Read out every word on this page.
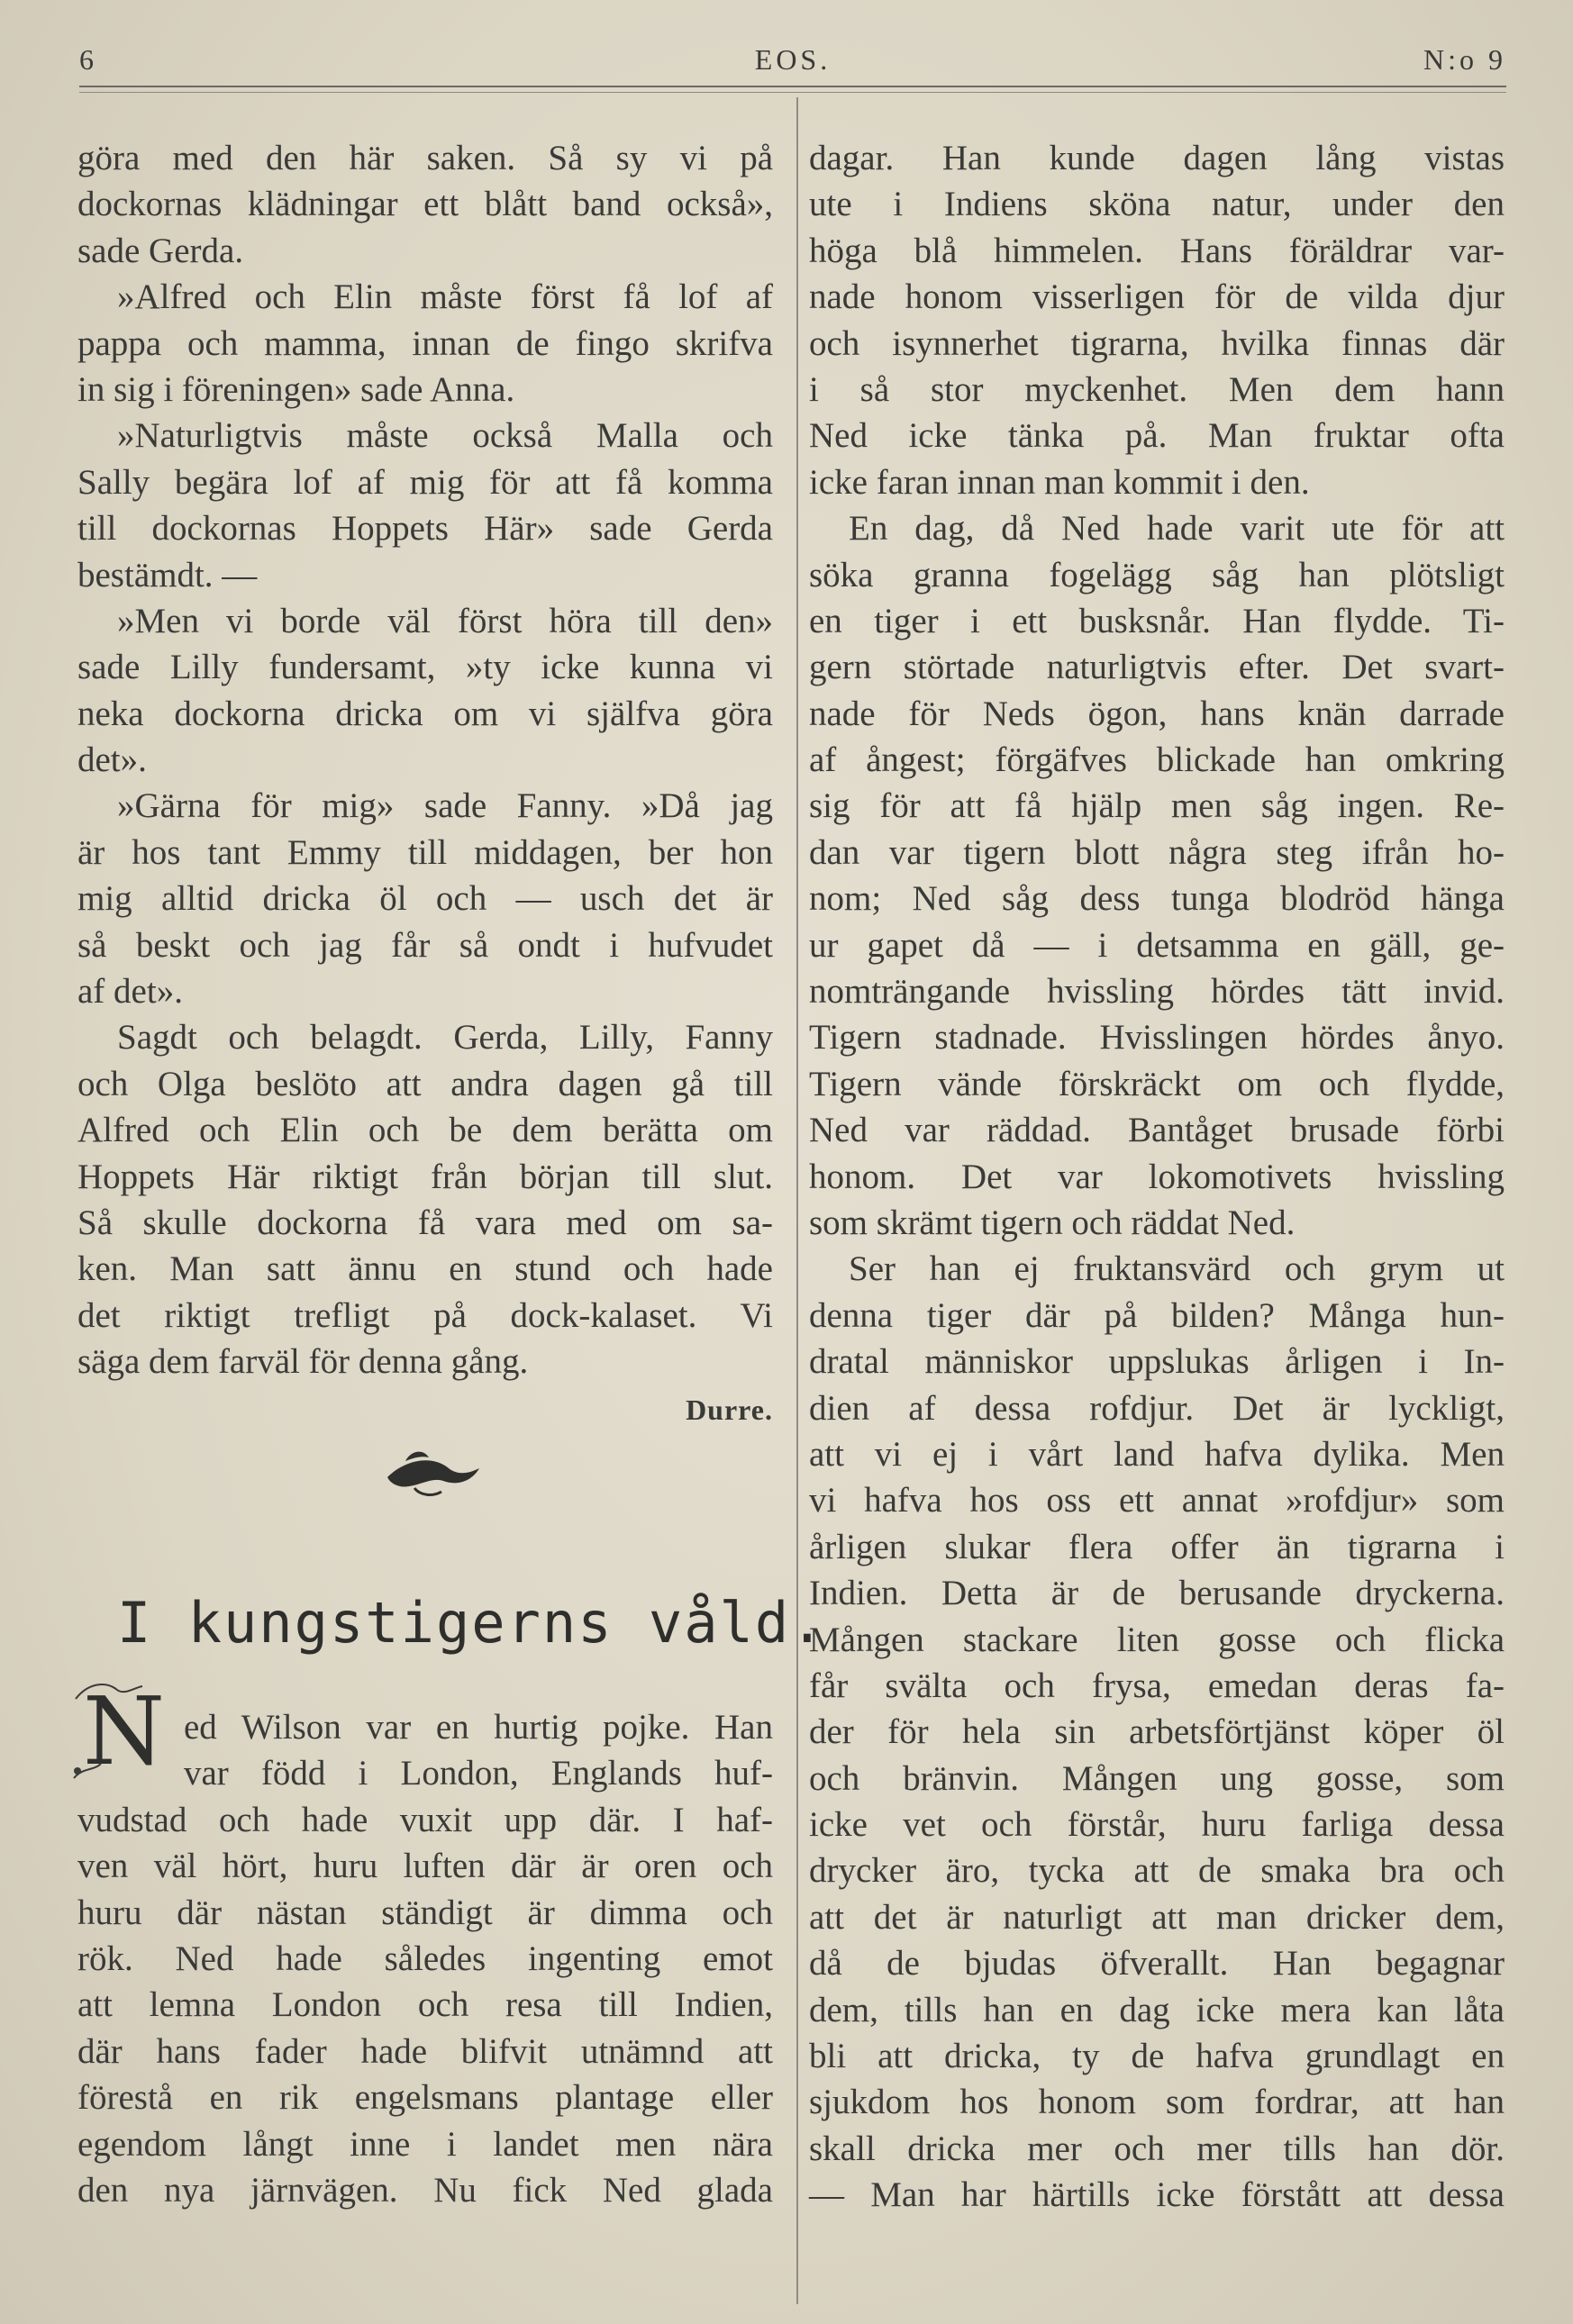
6	EOS.	N:o 9
göra med den här saken. Så sy vi på
dockornas klädningar ett blått band också»,
sade Gerda.
»Alfred och Elin måste först få lof af
pappa och mamma, innan de fingo skrifva
in sig i föreningen» sade Anna.
»Naturligtvis måste också Malla och
Sally begära lof af mig för att få komma
till dockornas Hoppets Här» sade Gerda
bestämdt. —
»Men vi borde väl först höra till den»
sade Lilly fundersamt, »ty icke kunna vi
neka dockorna dricka om vi själfva göra
det».
»Gärna för mig» sade Fanny. »Då jag
är hos tant Emmy till middagen, ber hon
mig alltid dricka öl och — usch det är
så beskt och jag får så ondt i hufvudet
af det».
Sagdt och belagdt. Gerda, Lilly, Fanny
och Olga beslöto att andra dagen gå till
Alfred och Elin och be dem berätta om
Hoppets Här riktigt från början till slut.
Så skulle dockorna få vara med om sa-
ken. Man satt ännu en stund och hade
det riktigt trefligt på dock-kalaset. Vi
säga dem farväl för denna gång.
Durre.
I kungstigerns våld.
N ed Wilson var en hurtig pojke. Han
var född i London, Englands huf-
vudstad och hade vuxit upp där. I haf-
ven väl hört, huru luften där är oren och
huru där nästan ständigt är dimma och
rök. Ned hade således ingenting emot
att lemna London och resa till Indien,
där hans fader hade blifvit utnämnd att
förestå en rik engelsmans plantage eller
egendom långt inne i landet men nära
den nya järnvägen. Nu fick Ned glada
dagar. Han kunde dagen lång vistas
ute i Indiens sköna natur, under den
höga blå himmelen. Hans föräldrar var-
nade honom visserligen för de vilda djur
och isynnerhet tigrarna, hvilka finnas där
i så stor myckenhet. Men dem hann
Ned icke tänka på. Man fruktar ofta
icke faran innan man kommit i den.
En dag, då Ned hade varit ute för att
söka granna fogelägg såg han plötsligt
en tiger i ett busksnår. Han flydde. Ti-
gern störtade naturligtvis efter. Det svart-
nade för Neds ögon, hans knän darrade
af ångest; förgäfves blickade han omkring
sig för att få hjälp men såg ingen. Re-
dan var tigern blott några steg ifrån ho-
nom; Ned såg dess tunga blodröd hänga
ur gapet då — i detsamma en gäll, ge-
nomträngande hvissling hördes tätt invid.
Tigern stadnade. Hvisslingen hördes ånyo.
Tigern vände förskräckt om och flydde,
Ned var räddad. Bantåget brusade förbi
honom. Det var lokomotivets hvissling
som skrämt tigern och räddat Ned.
Ser han ej fruktansvärd och grym ut
denna tiger där på bilden? Många hun-
dratal människor uppslukas årligen i In-
dien af dessa rofdjur. Det är lyckligt,
att vi ej i vårt land hafva dylika. Men
vi hafva hos oss ett annat »rofdjur» som
årligen slukar flera offer än tigrarna i
Indien. Detta är de berusande dryckerna.
Mången stackare liten gosse och flicka
får svälta och frysa, emedan deras fa-
der för hela sin arbetsförtjänst köper öl
och bränvin. Mången ung gosse, som
icke vet och förstår, huru farliga dessa
drycker äro, tycka att de smaka bra och
att det är naturligt att man dricker dem,
då de bjudas öfverallt. Han begagnar
dem, tills han en dag icke mera kan låta
bli att dricka, ty de hafva grundlagt en
sjukdom hos honom som fordrar, att han
skall dricka mer och mer tills han dör.
— Man har härtills icke förstått att dessa
